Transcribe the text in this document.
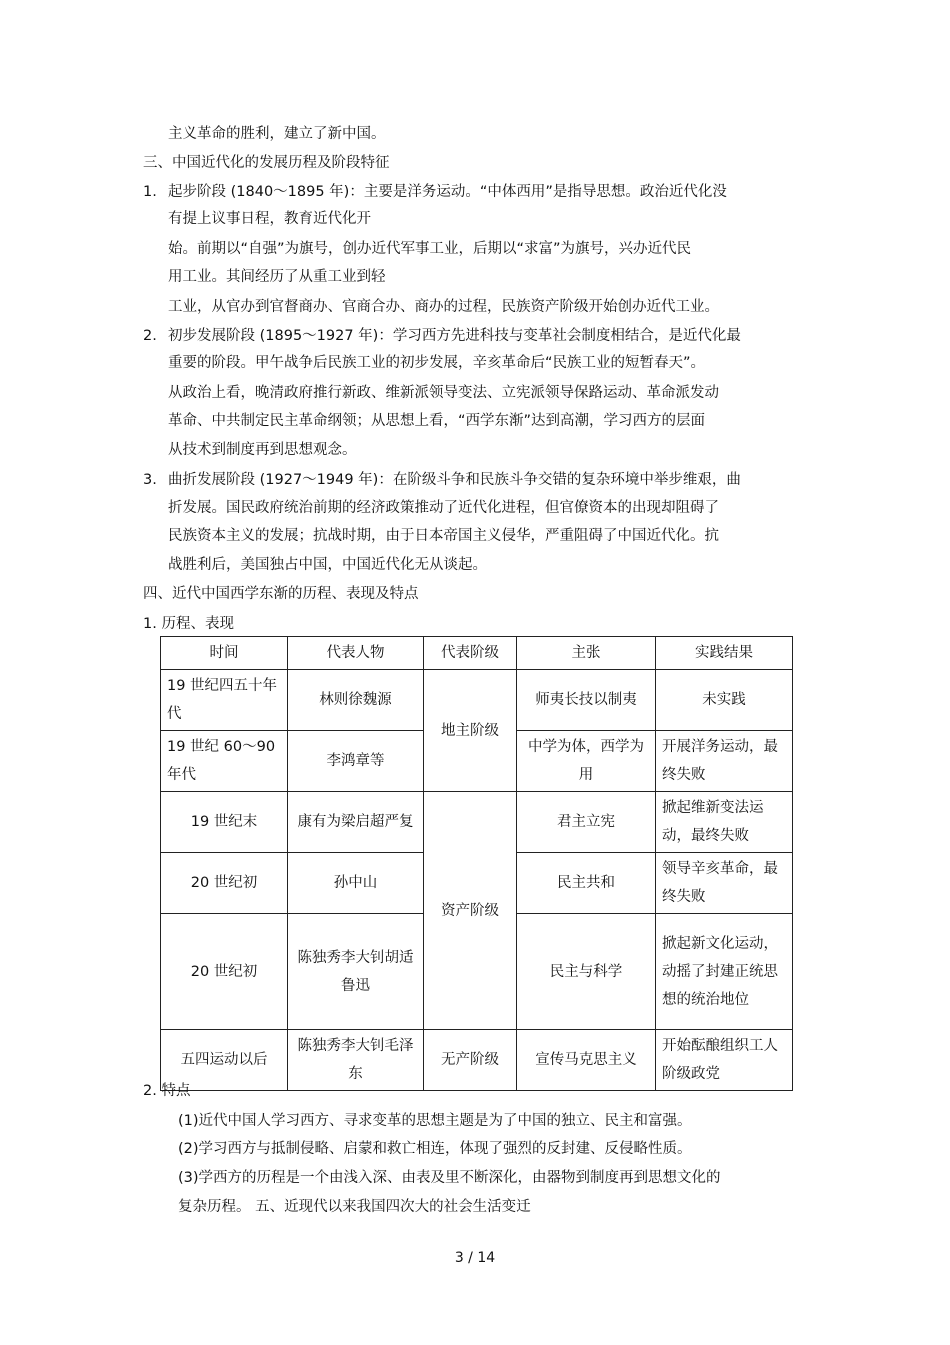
主义革命的胜利，建立了新中国。
三、中国近代化的发展历程及阶段特征
1. 起步阶段 (1840～1895 年)：主要是洋务运动。“中体西用”是指导思想。政治近代化没
有提上议事日程，教育近代化开
始。前期以“自强”为旗号，创办近代军事工业，后期以“求富”为旗号，兴办近代民
用工业。其间经历了从重工业到轻
工业，从官办到官督商办、官商合办、商办的过程，民族资产阶级开始创办近代工业。
2. 初步发展阶段 (1895～1927 年)：学习西方先进科技与变革社会制度相结合，是近代化最
重要的阶段。甲午战争后民族工业的初步发展，辛亥革命后“民族工业的短暂春天”。
从政治上看，晚清政府推行新政、维新派领导变法、立宪派领导保路运动、革命派发动
革命、中共制定民主革命纲领；从思想上看，“西学东渐”达到高潮，学习西方的层面
从技术到制度再到思想观念。
3. 曲折发展阶段 (1927～1949 年)：在阶级斗争和民族斗争交错的复杂环境中举步维艰，曲
折发展。国民政府统治前期的经济政策推动了近代化进程，但官僚资本的出现却阻碍了
民族资本主义的发展；抗战时期，由于日本帝国主义侵华，严重阻碍了中国近代化。抗
战胜利后，美国独占中国，中国近代化无从谈起。
四、近代中国西学东渐的历程、表现及特点
1. 历程、表现
时间	代表人物	代表阶级	主张	实践结果
19 世纪四五十年代	林则徐魏源	地主阶级	师夷长技以制夷	未实践
19 世纪 60～90 年代	李鸿章等		中学为体，西学为用	开展洋务运动，最终失败
19 世纪末	康有为梁启超严复	资产阶级	君主立宪	掀起维新变法运动，最终失败
20 世纪初	孙中山		民主共和	领导辛亥革命，最终失败
20 世纪初	陈独秀李大钊胡适鲁迅		民主与科学	掀起新文化运动，动摇了封建正统思想的统治地位
五四运动以后	陈独秀李大钊毛泽东	无产阶级	宣传马克思主义	开始酝酿组织工人阶级政党
2. 特点
(1)近代中国人学习西方、寻求变革的思想主题是为了中国的独立、民主和富强。
(2)学习西方与抵制侵略、启蒙和救亡相连，体现了强烈的反封建、反侵略性质。
(3)学西方的历程是一个由浅入深、由表及里不断深化，由器物到制度再到思想文化的
复杂历程。 五、近现代以来我国四次大的社会生活变迁
3 / 14
